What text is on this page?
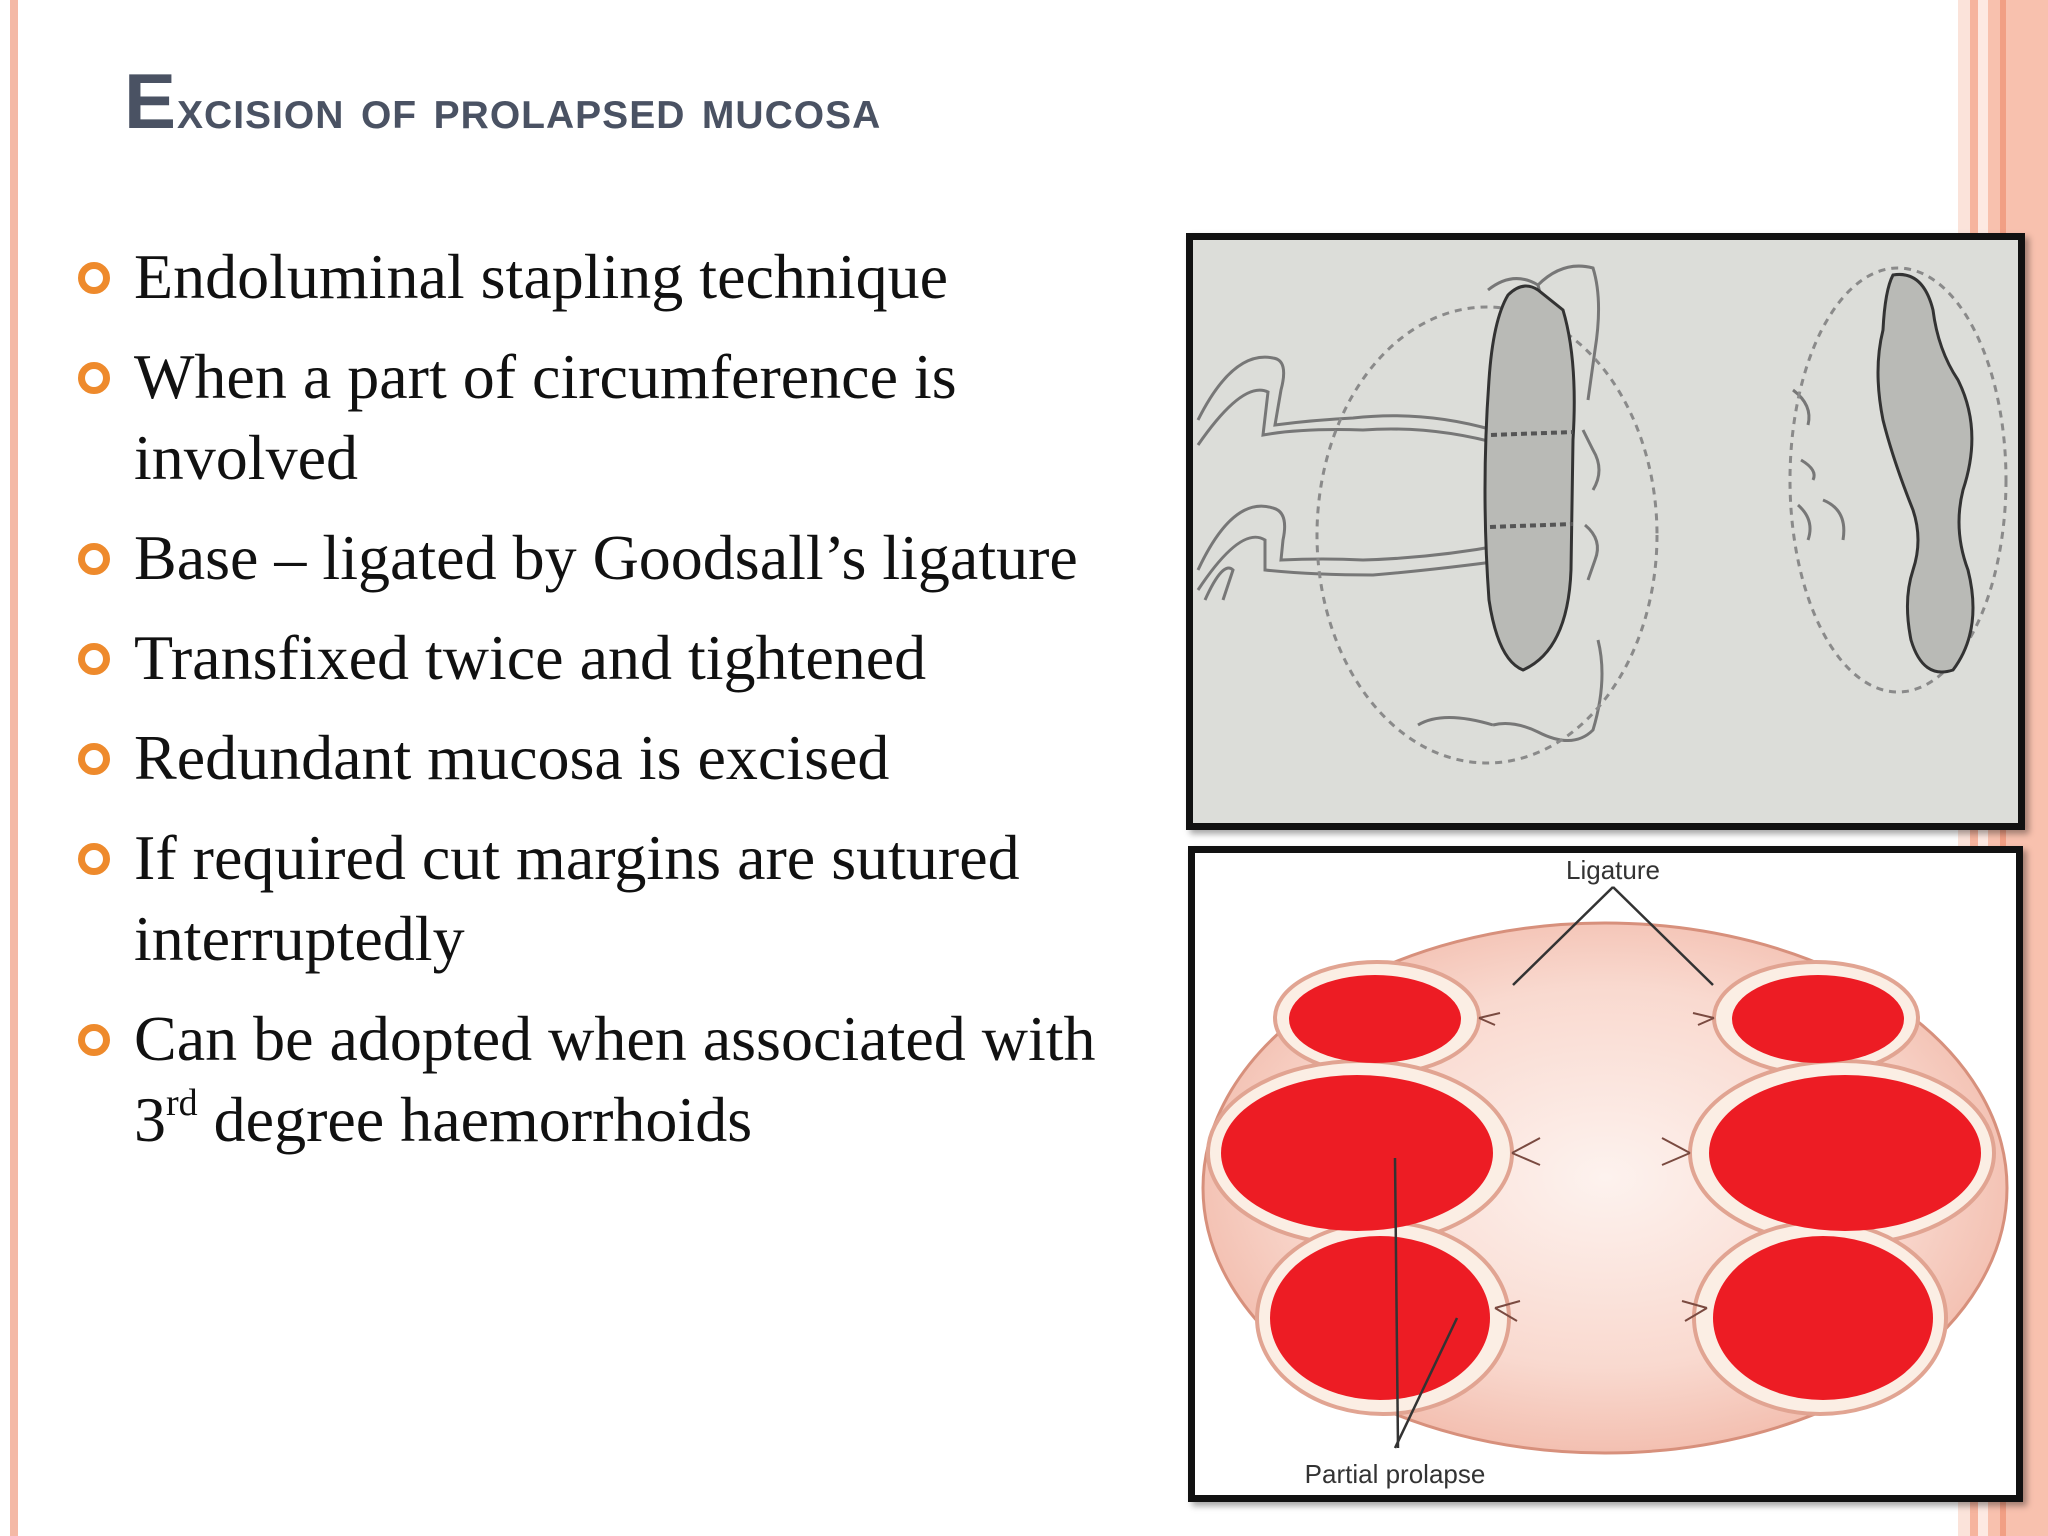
Excision of prolapsed mucosa
Endoluminal stapling technique
When a part of circumference is involved
Base – ligated by Goodsall’s ligature
Transfixed twice and tightened
Redundant mucosa is excised
If required cut margins are sutured interruptedly
Can be adopted when associated with 3rd degree haemorrhoids
Ligature
Partial prolapse
